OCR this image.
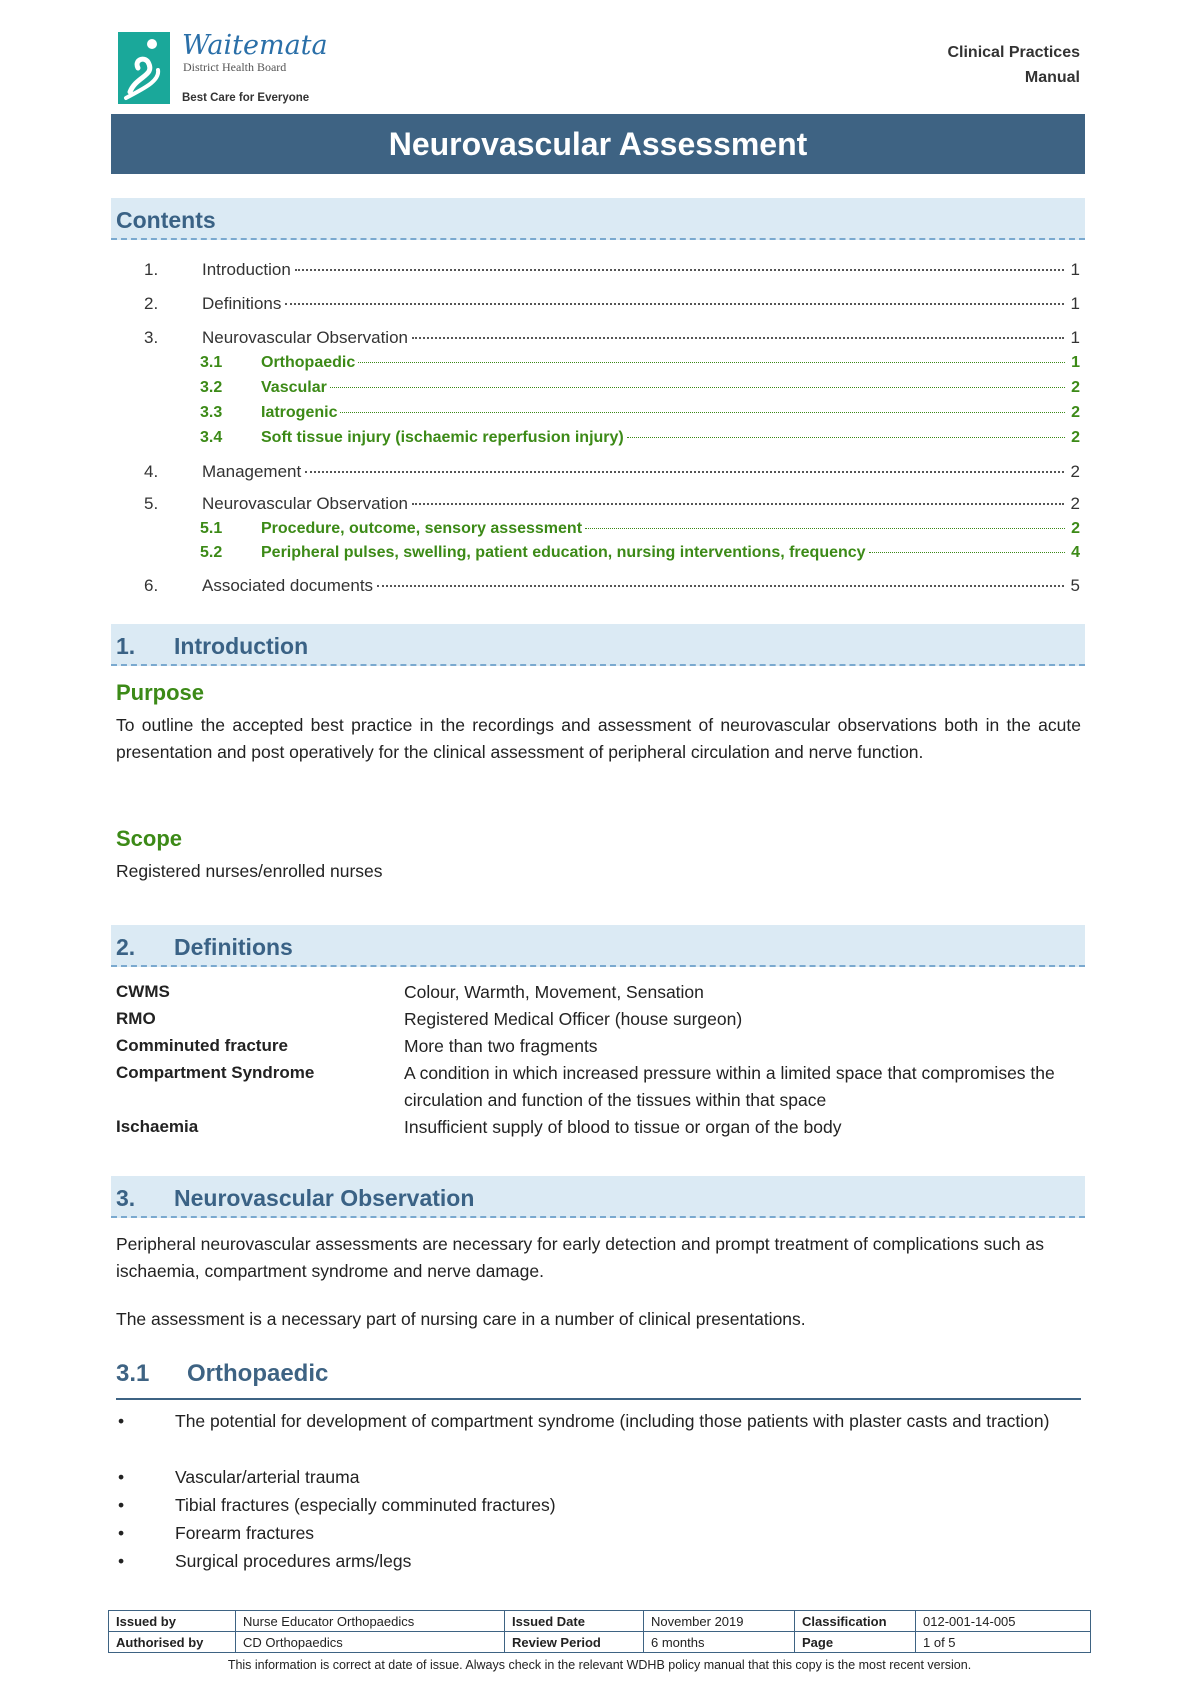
Waitemata
District Health Board
Best Care for Everyone
Clinical Practices
Manual
Neurovascular Assessment
Contents
1.	Introduction	1
2.	Definitions	1
3.	Neurovascular Observation	1
3.1	Orthopaedic	1
3.2	Vascular	2
3.3	Iatrogenic	2
3.4	Soft tissue injury (ischaemic reperfusion injury)	2
4.	Management	2
5.	Neurovascular Observation	2
5.1	Procedure, outcome, sensory assessment	2
5.2	Peripheral pulses, swelling, patient education, nursing interventions, frequency	4
6.	Associated documents	5
1. Introduction
Purpose
To outline the accepted best practice in the recordings and assessment of neurovascular observations both in the acute presentation and post operatively for the clinical assessment of peripheral circulation and nerve function.
Scope
Registered nurses/enrolled nurses
2. Definitions
CWMS	Colour, Warmth, Movement, Sensation
RMO	Registered Medical Officer (house surgeon)
Comminuted fracture	More than two fragments
Compartment Syndrome	A condition in which increased pressure within a limited space that compromises the circulation and function of the tissues within that space
Ischaemia	Insufficient supply of blood to tissue or organ of the body
3. Neurovascular Observation
Peripheral neurovascular assessments are necessary for early detection and prompt treatment of complications such as ischaemia, compartment syndrome and nerve damage.
The assessment is a necessary part of nursing care in a number of clinical presentations.
3.1 Orthopaedic
•	The potential for development of compartment syndrome (including those patients with plaster casts and traction)
•	Vascular/arterial trauma
•	Tibial fractures (especially comminuted fractures)
•	Forearm fractures
•	Surgical procedures arms/legs
Issued by	Nurse Educator Orthopaedics	Issued Date	November 2019	Classification	012-001-14-005
Authorised by	CD Orthopaedics	Review Period	6 months	Page	1 of 5
This information is correct at date of issue. Always check in the relevant WDHB policy manual that this copy is the most recent version.
